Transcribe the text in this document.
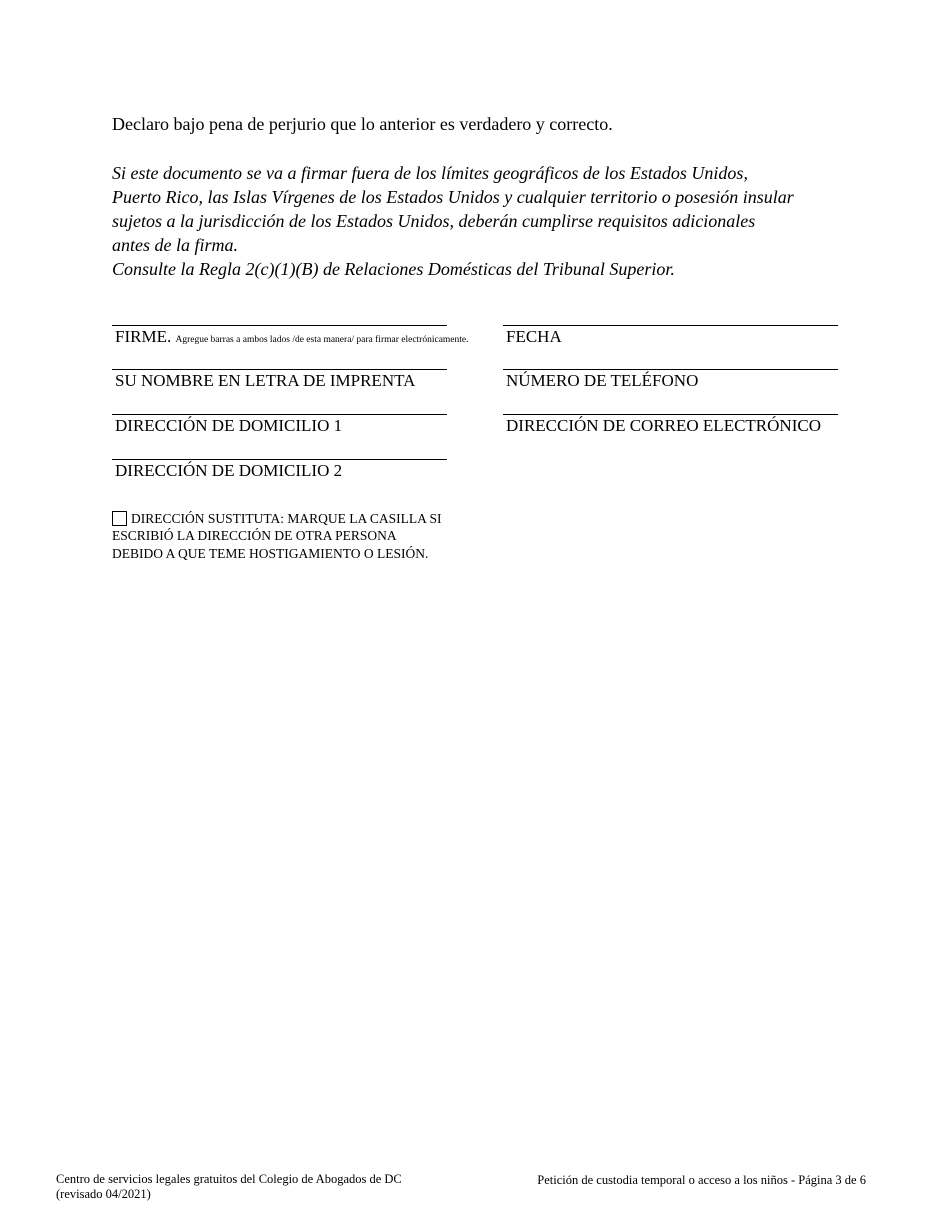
Declaro bajo pena de perjurio que lo anterior es verdadero y correcto.
Si este documento se va a firmar fuera de los límites geográficos de los Estados Unidos,
Puerto Rico, las Islas Vírgenes de los Estados Unidos y cualquier territorio o posesión insular
sujetos a la jurisdicción de los Estados Unidos, deberán cumplirse requisitos adicionales
antes de la firma.
Consulte la Regla 2(c)(1)(B) de Relaciones Domésticas del Tribunal Superior.
FIRME. Agregue barras a ambos lados /de esta manera/ para firmar electrónicamente. FECHA
SU NOMBRE EN LETRA DE IMPRENTA	NÚMERO DE TELÉFONO
DIRECCIÓN DE DOMICILIO 1	DIRECCIÓN DE CORREO ELECTRÓNICO
DIRECCIÓN DE DOMICILIO 2
DIRECCIÓN SUSTITUTA: MARQUE LA CASILLA SI ESCRIBIÓ LA DIRECCIÓN DE OTRA PERSONA DEBIDO A QUE TEME HOSTIGAMIENTO O LESIÓN.
Centro de servicios legales gratuitos del Colegio de Abogados de DC
(revisado 04/2021)
Petición de custodia temporal o acceso a los niños - Página 3 de 6
